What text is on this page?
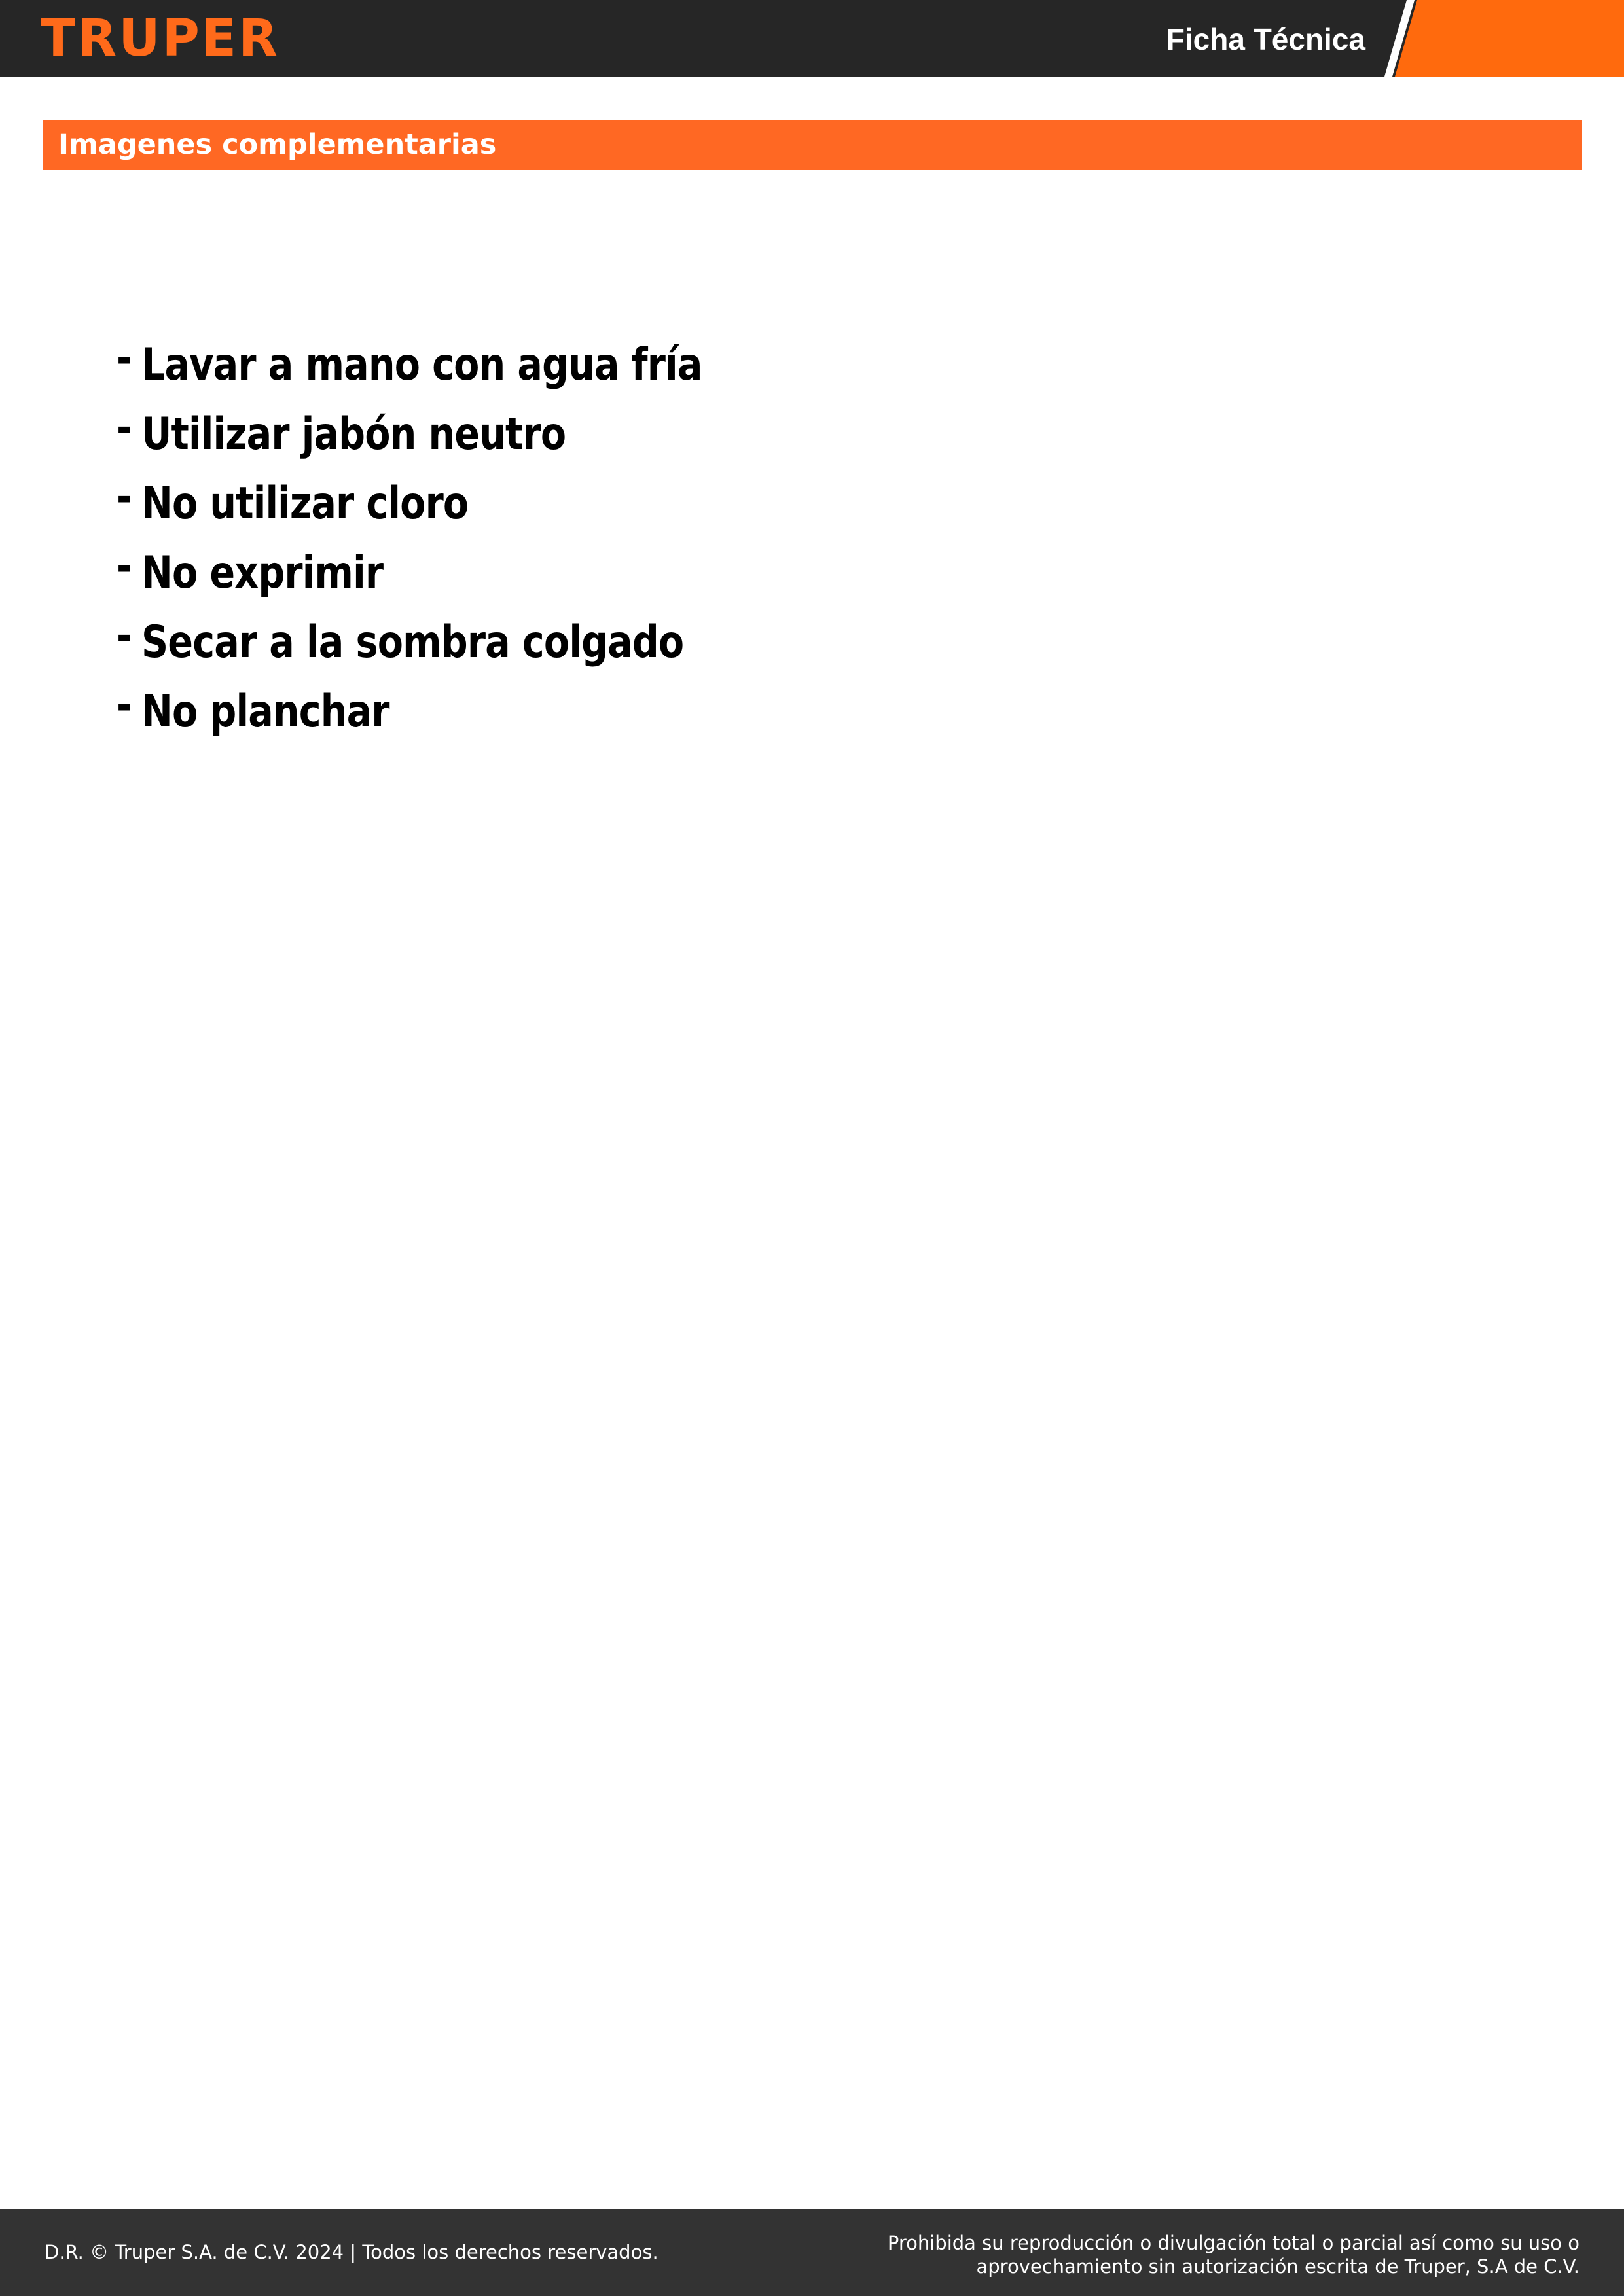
TRUPER	Ficha Técnica
Imagenes complementarias
- Lavar a mano con agua fría
- Utilizar jabón neutro
- No utilizar cloro
- No exprimir
- Secar a la sombra colgado
- No planchar
D.R. © Truper S.A. de C.V. 2024 | Todos los derechos reservados.	Prohibida su reproducción o divulgación total o parcial así como su uso o
aprovechamiento sin autorización escrita de Truper, S.A de C.V.
